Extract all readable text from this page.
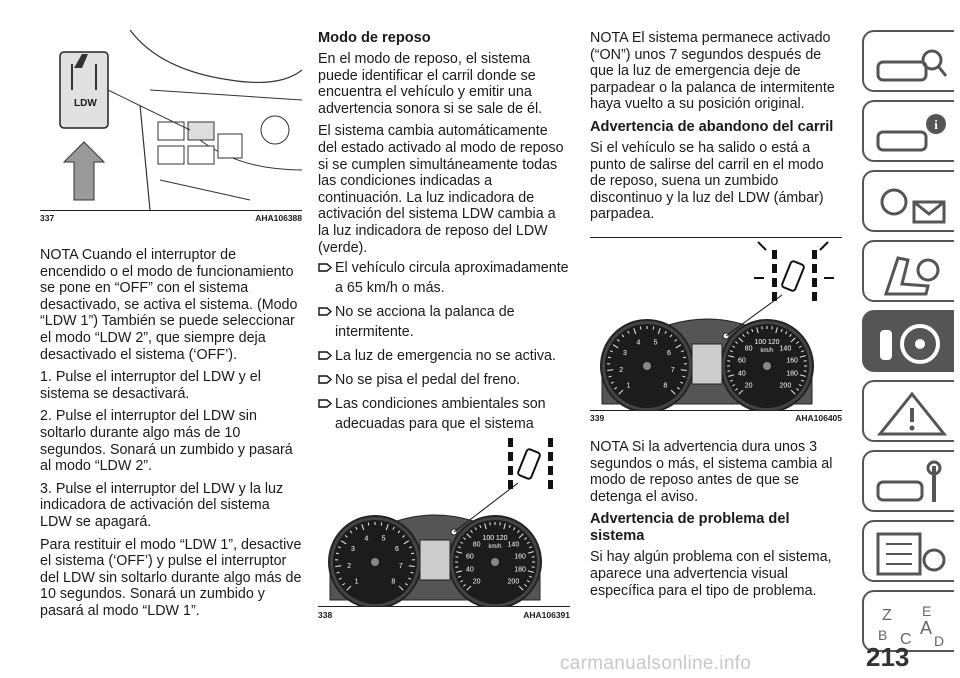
LDW
337	AHA106388

NOTA Cuando el interruptor de encendido o el modo de funcionamiento se pone en “OFF” con el sistema desactivado, se activa el sistema. (Modo “LDW 1”) También se puede seleccionar el modo “LDW 2”, que siempre deja desactivado el sistema (‘OFF’).

1. Pulse el interruptor del LDW y el sistema se desactivará.

2. Pulse el interruptor del LDW sin soltarlo durante algo más de 10 segundos. Sonará un zumbido y pasará al modo “LDW 2”.

3. Pulse el interruptor del LDW y la luz indicadora de activación del sistema LDW se apagará.

Para restituir el modo “LDW 1”, desactive el sistema (‘OFF’) y pulse el interruptor del LDW sin soltarlo durante algo más de 10 segundos. Sonará un zumbido y pasará al modo “LDW 1”.

Modo de reposo

En el modo de reposo, el sistema puede identificar el carril donde se encuentra el vehículo y emitir una advertencia sonora si se sale de él.

El sistema cambia automáticamente del estado activado al modo de reposo si se cumplen simultáneamente todas las condiciones indicadas a continuación. La luz indicadora de activación del sistema LDW cambia a la luz indicadora de reposo del LDW (verde).

El vehículo circula aproximadamente a 65 km/h o más.
No se acciona la palanca de intermitente.
La luz de emergencia no se activa.
No se pisa el pedal del freno.
Las condiciones ambientales son adecuadas para que el sistema
1
2
3
4 5
6
7
8	20
40
60
80
100 120
140
160
180
200
km/h
338	AHA106391

NOTA El sistema permanece activado (“ON”) unos 7 segundos después de que la luz de emergencia deje de parpadear o la palanca de intermitente haya vuelto a su posición original.

Advertencia de abandono del carril

Si el vehículo se ha salido o está a punto de salirse del carril en el modo de reposo, suena un zumbido discontinuo y la luz del LDW (ámbar) parpadea.

1
2
3
4 5
6
7
8	20
40
60
80
100 120
140
160
180
200
km/h
339	AHA106405

NOTA Si la advertencia dura unos 3 segundos o más, el sistema cambia al modo de reposo antes de que se detenga el aviso.

Advertencia de problema del sistema

Si hay algún problema con el sistema, aparece una advertencia visual específica para el tipo de problema.

i
Z E
B C
A
D
213
carmanualsonline.info
